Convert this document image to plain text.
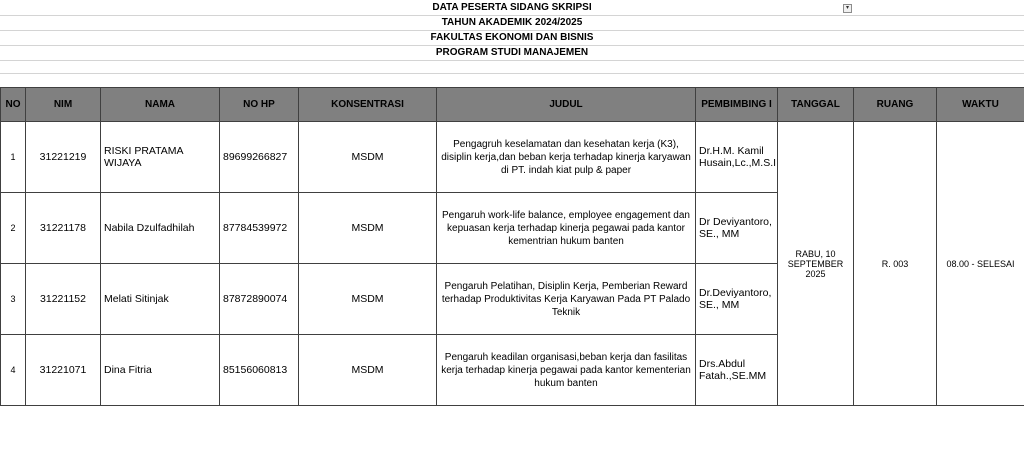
DATA PESERTA SIDANG SKRIPSI
TAHUN AKADEMIK 2024/2025
FAKULTAS EKONOMI DAN BISNIS
PROGRAM STUDI MANAJEMEN
▾
NO	NIM	NAMA	NO HP	KONSENTRASI	JUDUL	PEMBIMBING I	TANGGAL	RUANG	WAKTU
1	31221219	RISKI PRATAMA WIJAYA	89699266827	MSDM	Pengagruh keselamatan dan kesehatan kerja (K3), disiplin kerja,dan beban kerja terhadap kinerja karyawan di PT. indah kiat pulp & paper	Dr.H.M. Kamil Husain,Lc.,M.S.I	RABU, 10 SEPTEMBER 2025	R. 003	08.00 - SELESAI
2	31221178	Nabila Dzulfadhilah	87784539972	MSDM	Pengaruh work-life balance, employee engagement dan kepuasan kerja terhadap kinerja pegawai pada kantor kementrian hukum banten	Dr Deviyantoro, SE., MM			
3	31221152	Melati Sitinjak	87872890074	MSDM	Pengaruh Pelatihan, Disiplin Kerja, Pemberian Reward terhadap Produktivitas Kerja Karyawan Pada PT Palado Teknik	Dr.Deviyantoro, SE., MM			
4	31221071	Dina Fitria	85156060813	MSDM	Pengaruh keadilan organisasi,beban kerja dan fasilitas kerja terhadap kinerja pegawai pada kantor kementerian hukum banten	Drs.Abdul Fatah.,SE.MM			
